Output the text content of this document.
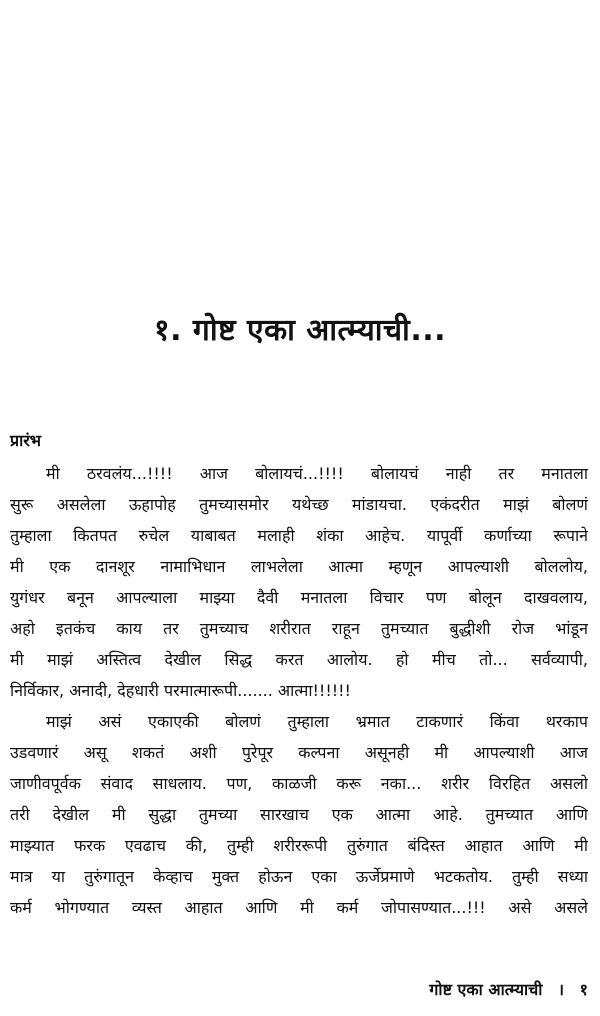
१. गोष्ट एका आत्म्याची...
प्रारंभ
मी ठरवलंय...!!!! आज बोलायचं...!!!! बोलायचं नाही तर मनातला
सुरू असलेला ऊहापोह तुमच्यासमोर यथेच्छ मांडायचा. एकंदरीत माझं बोलणं
तुम्हाला कितपत रुचेल याबाबत मलाही शंका आहेच. यापूर्वी कर्णाच्या रूपाने
मी एक दानशूर नामाभिधान लाभलेला आत्मा म्हणून आपल्याशी बोललोय,
युगंधर बनून आपल्याला माझ्या दैवी मनातला विचार पण बोलून दाखवलाय,
अहो इतकंच काय तर तुमच्याच शरीरात राहून तुमच्यात बुद्धीशी रोज भांडून
मी माझं अस्तित्व देखील सिद्ध करत आलोय. हो मीच तो... सर्वव्यापी,
निर्विकार, अनादी, देहधारी परमात्मारूपी....... आत्मा!!!!!!
माझं असं एकाएकी बोलणं तुम्हाला भ्रमात टाकणारं किंवा थरकाप
उडवणारं असू शकतं अशी पुरेपूर कल्पना असूनही मी आपल्याशी आज
जाणीवपूर्वक संवाद साधलाय. पण, काळजी करू नका... शरीर विरहित असलो
तरी देखील मी सुद्धा तुमच्या सारखाच एक आत्मा आहे. तुमच्यात आणि
माझ्यात फरक एवढाच की, तुम्ही शरीररूपी तुरुंगात बंदिस्त आहात आणि मी
मात्र या तुरुंगातून केव्हाच मुक्त होऊन एका ऊर्जेप्रमाणे भटकतोय. तुम्ही सध्या
कर्म भोगण्यात व्यस्त आहात आणि मी कर्म जोपासण्यात...!!! असे असले
गोष्ट एका आत्म्याची । १
